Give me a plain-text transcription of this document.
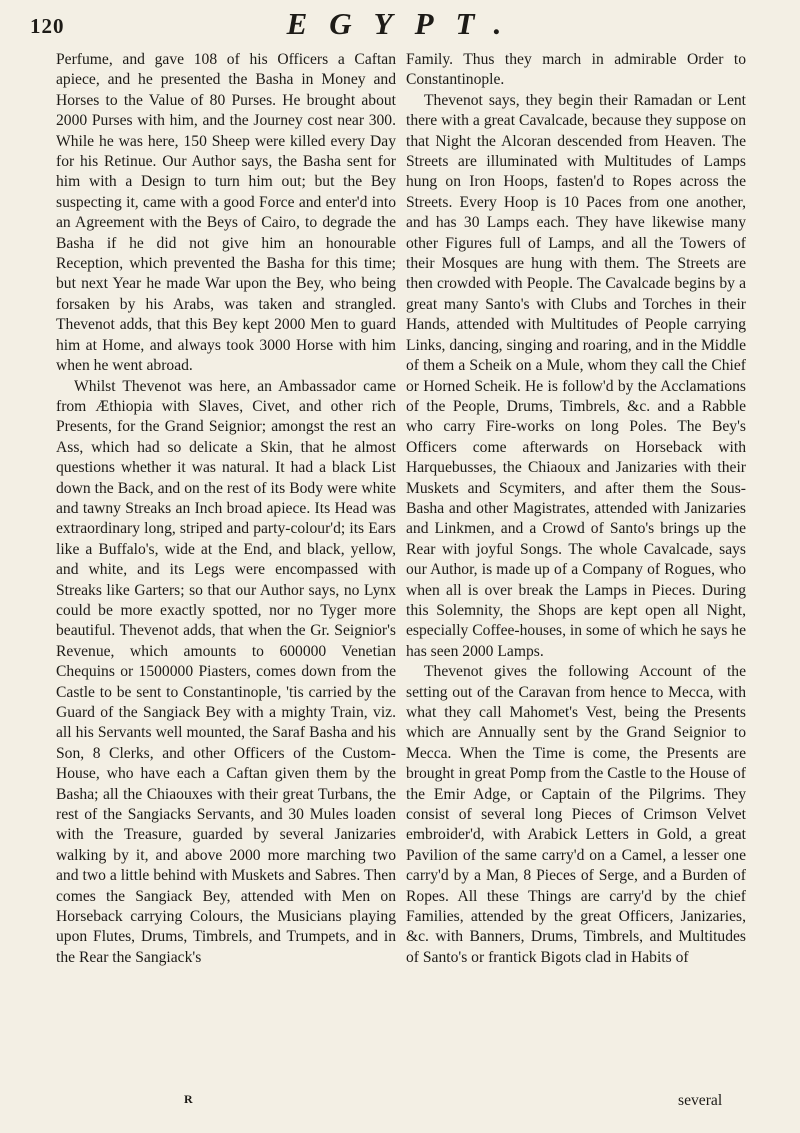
120	EGYPT.

Perfume, and gave 108 of his Officers a Caftan apiece, and he presented the Basha in Money and Horses to the Value of 80 Purses. He brought about 2000 Purses with him, and the Journey cost near 300. While he was here, 150 Sheep were killed every Day for his Retinue. Our Author says, the Basha sent for him with a Design to turn him out; but the Bey suspecting it, came with a good Force and enter'd into an Agreement with the Beys of Cairo, to degrade the Basha if he did not give him an honourable Reception, which prevented the Basha for this time; but next Year he made War upon the Bey, who being forsaken by his Arabs, was taken and strangled. Thevenot adds, that this Bey kept 2000 Men to guard him at Home, and always took 3000 Horse with him when he went abroad.

Whilst Thevenot was here, an Ambassador came from Æthiopia with Slaves, Civet, and other rich Presents, for the Grand Seignior; amongst the rest an Ass, which had so delicate a Skin, that he almost questions whether it was natural. It had a black List down the Back, and on the rest of its Body were white and tawny Streaks an Inch broad apiece. Its Head was extraordinary long, striped and party-colour'd; its Ears like a Buffalo's, wide at the End, and black, yellow, and white, and its Legs were encompassed with Streaks like Garters; so that our Author says, no Lynx could be more exactly spotted, nor no Tyger more beautiful. Thevenot adds, that when the Gr. Seignior's Revenue, which amounts to 600000 Venetian Chequins or 1500000 Piasters, comes down from the Castle to be sent to Constantinople, 'tis carried by the Guard of the Sangiack Bey with a mighty Train, viz. all his Servants well mounted, the Saraf Basha and his Son, 8 Clerks, and other Officers of the Custom-House, who have each a Caftan given them by the Basha; all the Chiaouxes with their great Turbans, the rest of the Sangiacks Servants, and 30 Mules loaden with the Treasure, guarded by several Janizaries walking by it, and above 2000 more marching two and two a little behind with Muskets and Sabres. Then comes the Sangiack Bey, attended with Men on Horseback carrying Colours, the Musicians playing upon Flutes, Drums, Timbrels, and Trumpets, and in the Rear the Sangiack's

Family. Thus they march in admirable Order to Constantinople.

Thevenot says, they begin their Ramadan or Lent there with a great Cavalcade, because they suppose on that Night the Alcoran descended from Heaven. The Streets are illuminated with Multitudes of Lamps hung on Iron Hoops, fasten'd to Ropes across the Streets. Every Hoop is 10 Paces from one another, and has 30 Lamps each. They have likewise many other Figures full of Lamps, and all the Towers of their Mosques are hung with them. The Streets are then crowded with People. The Cavalcade begins by a great many Santo's with Clubs and Torches in their Hands, attended with Multitudes of People carrying Links, dancing, singing and roaring, and in the Middle of them a Scheik on a Mule, whom they call the Chief or Horned Scheik. He is follow'd by the Acclamations of the People, Drums, Timbrels, &c. and a Rabble who carry Fire-works on long Poles. The Bey's Officers come afterwards on Horseback with Harquebusses, the Chiaoux and Janizaries with their Muskets and Scymiters, and after them the Sous-Basha and other Magistrates, attended with Janizaries and Linkmen, and a Crowd of Santo's brings up the Rear with joyful Songs. The whole Cavalcade, says our Author, is made up of a Company of Rogues, who when all is over break the Lamps in Pieces. During this Solemnity, the Shops are kept open all Night, especially Coffee-houses, in some of which he says he has seen 2000 Lamps.

Thevenot gives the following Account of the setting out of the Caravan from hence to Mecca, with what they call Mahomet's Vest, being the Presents which are Annually sent by the Grand Seignior to Mecca. When the Time is come, the Presents are brought in great Pomp from the Castle to the House of the Emir Adge, or Captain of the Pilgrims. They consist of several long Pieces of Crimson Velvet embroider'd, with Arabick Letters in Gold, a great Pavilion of the same carry'd on a Camel, a lesser one carry'd by a Man, 8 Pieces of Serge, and a Burden of Ropes. All these Things are carry'd by the chief Families, attended by the great Officers, Janizaries, &c. with Banners, Drums, Timbrels, and Multitudes of Santo's or frantick Bigots clad in Habits of

R	several
